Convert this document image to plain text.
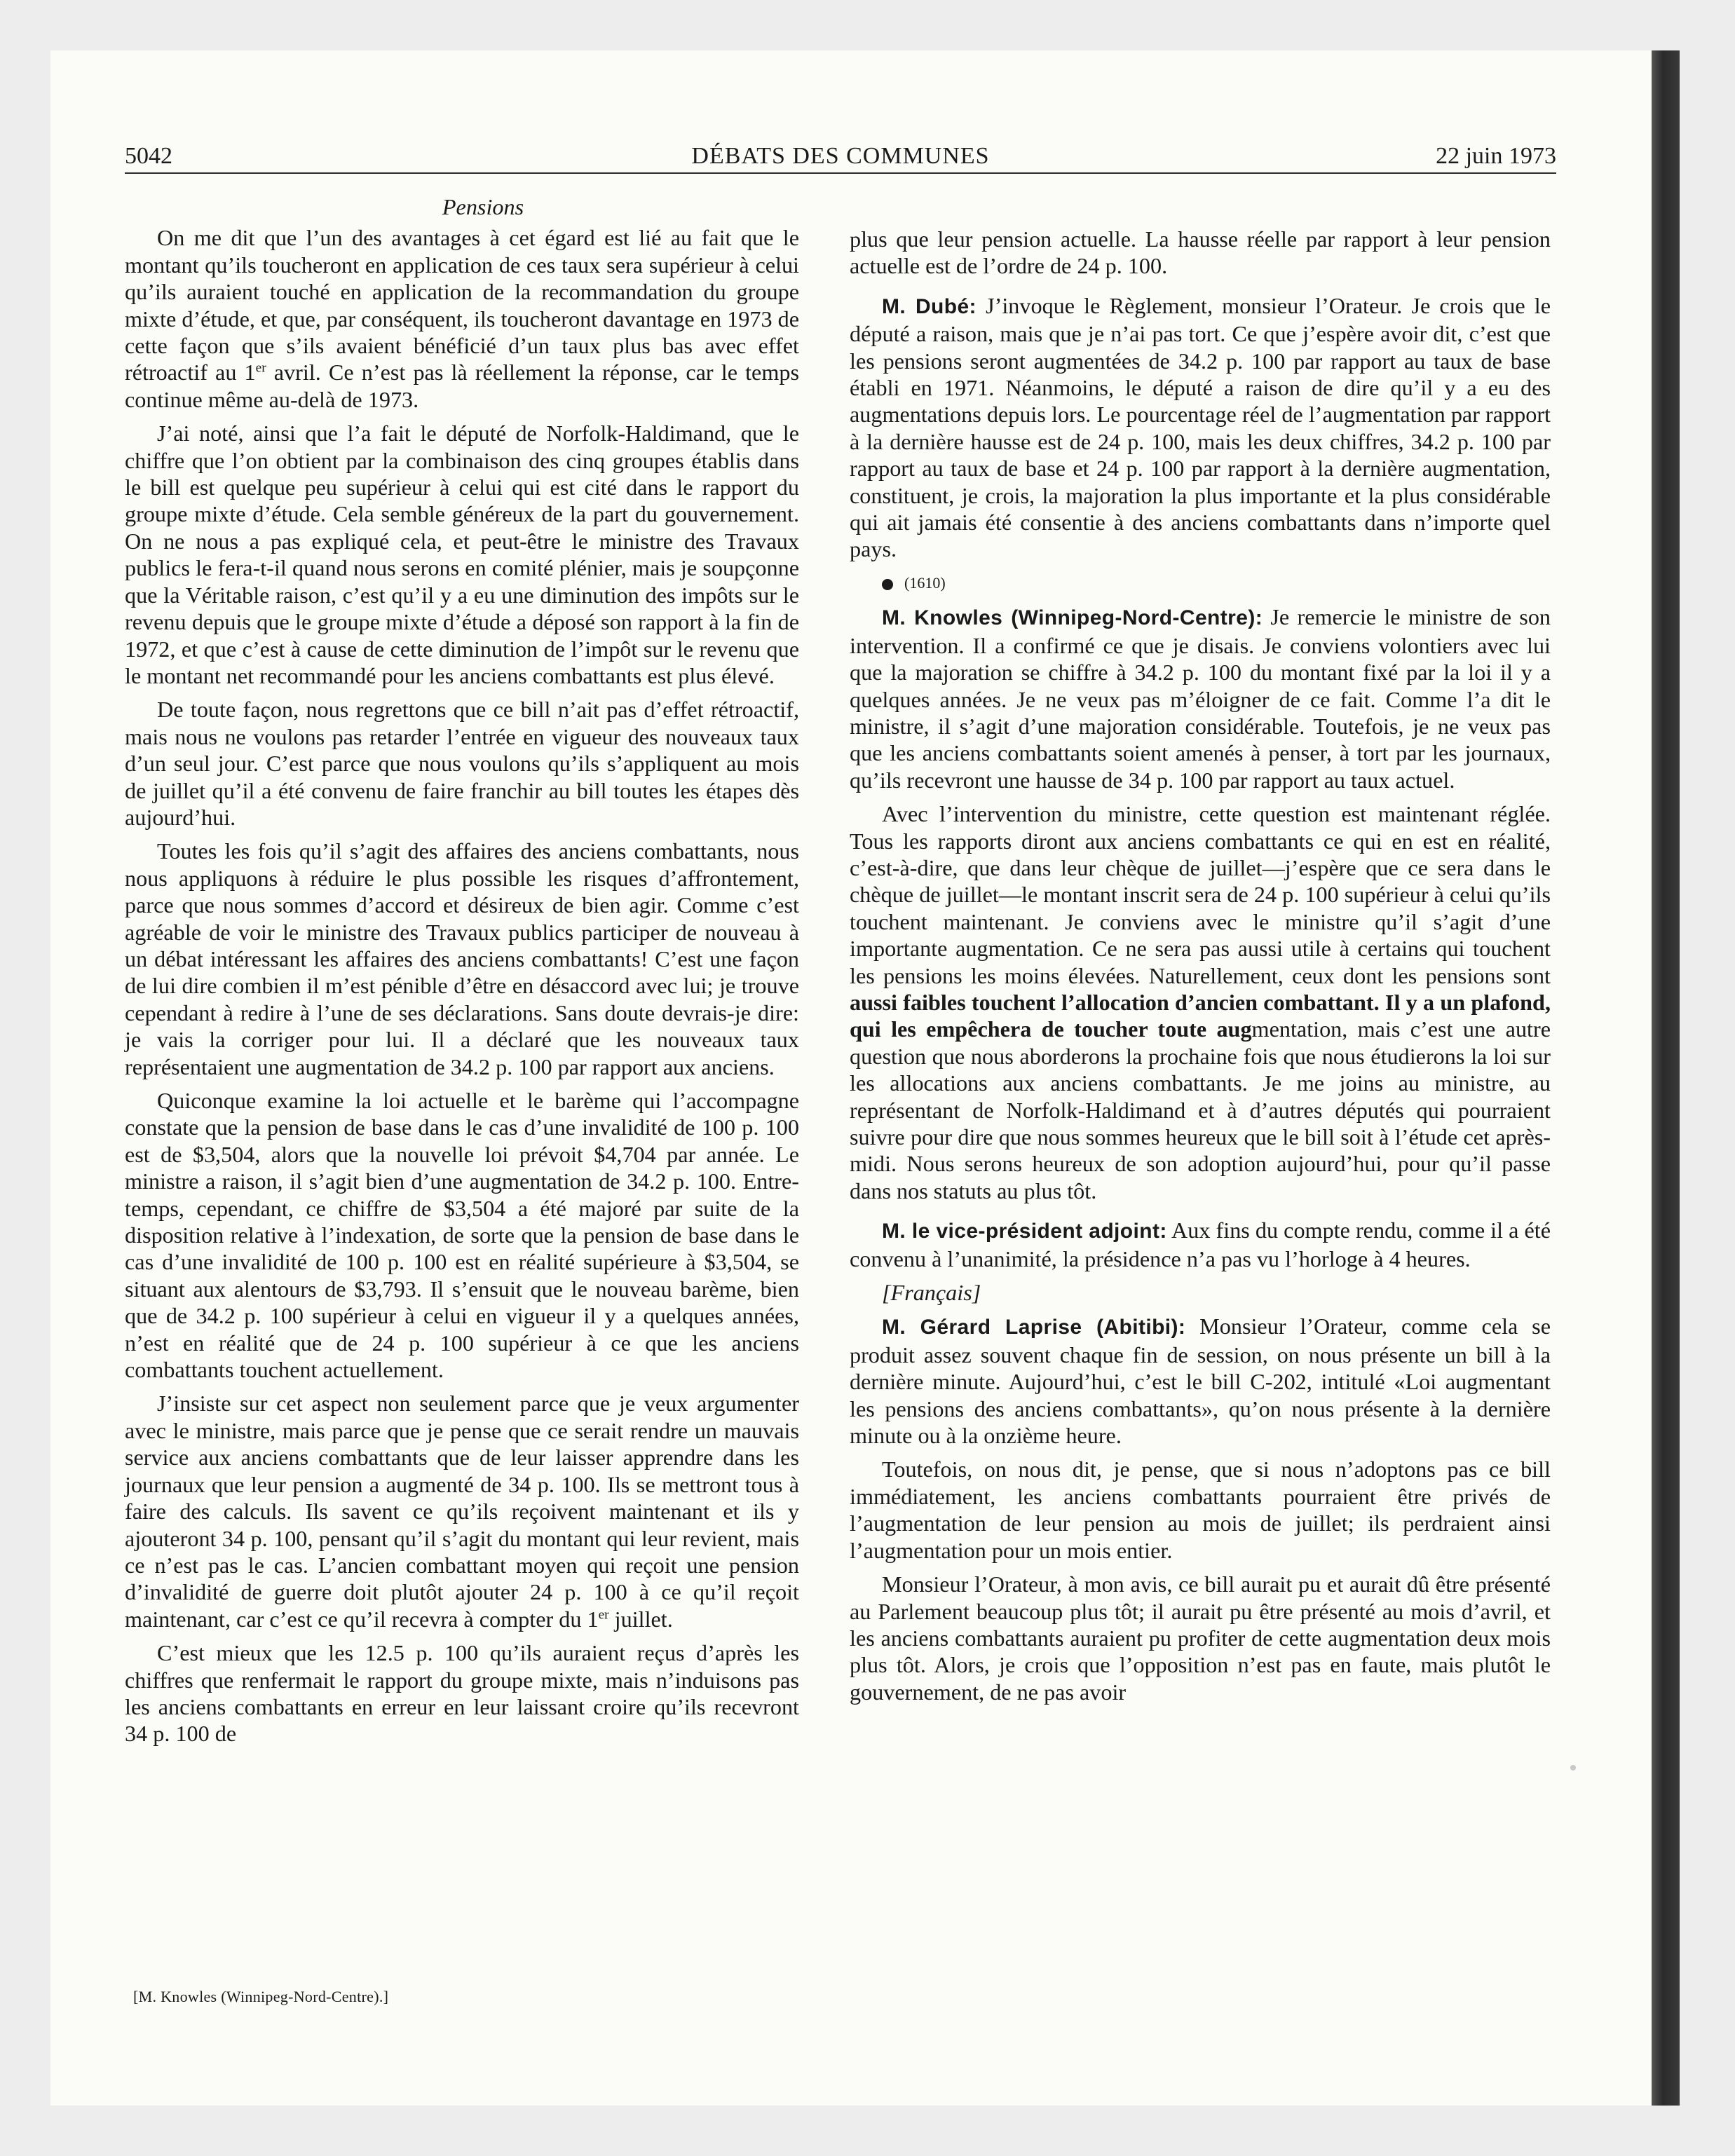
5042	DÉBATS DES COMMUNES	22 juin 1973
Pensions

On me dit que l’un des avantages à cet égard est lié au fait que le montant qu’ils toucheront en application de ces taux sera supérieur à celui qu’ils auraient touché en application de la recommandation du groupe mixte d’étude, et que, par conséquent, ils toucheront davantage en 1973 de cette façon que s’ils avaient bénéficié d’un taux plus bas avec effet rétroactif au 1er avril. Ce n’est pas là réellement la réponse, car le temps continue même au-delà de 1973.

J’ai noté, ainsi que l’a fait le député de Norfolk-Haldimand, que le chiffre que l’on obtient par la combinaison des cinq groupes établis dans le bill est quelque peu supérieur à celui qui est cité dans le rapport du groupe mixte d’étude. Cela semble généreux de la part du gouvernement. On ne nous a pas expliqué cela, et peut-être le ministre des Travaux publics le fera-t-il quand nous serons en comité plénier, mais je soupçonne que la Véritable raison, c’est qu’il y a eu une diminution des impôts sur le revenu depuis que le groupe mixte d’étude a déposé son rapport à la fin de 1972, et que c’est à cause de cette diminution de l’impôt sur le revenu que le montant net recommandé pour les anciens combattants est plus élevé.

De toute façon, nous regrettons que ce bill n’ait pas d’effet rétroactif, mais nous ne voulons pas retarder l’entrée en vigueur des nouveaux taux d’un seul jour. C’est parce que nous voulons qu’ils s’appliquent au mois de juillet qu’il a été convenu de faire franchir au bill toutes les étapes dès aujourd’hui.

Toutes les fois qu’il s’agit des affaires des anciens combattants, nous nous appliquons à réduire le plus possible les risques d’affrontement, parce que nous sommes d’accord et désireux de bien agir. Comme c’est agréable de voir le ministre des Travaux publics participer de nouveau à un débat intéressant les affaires des anciens combattants! C’est une façon de lui dire combien il m’est pénible d’être en désaccord avec lui; je trouve cependant à redire à l’une de ses déclarations. Sans doute devrais-je dire: je vais la corriger pour lui. Il a déclaré que les nouveaux taux représentaient une augmentation de 34.2 p. 100 par rapport aux anciens.

Quiconque examine la loi actuelle et le barème qui l’accompagne constate que la pension de base dans le cas d’une invalidité de 100 p. 100 est de $3,504, alors que la nouvelle loi prévoit $4,704 par année. Le ministre a raison, il s’agit bien d’une augmentation de 34.2 p. 100. Entretemps, cependant, ce chiffre de $3,504 a été majoré par suite de la disposition relative à l’indexation, de sorte que la pension de base dans le cas d’une invalidité de 100 p. 100 est en réalité supérieure à $3,504, se situant aux alentours de $3,793. Il s’ensuit que le nouveau barème, bien que de 34.2 p. 100 supérieur à celui en vigueur il y a quelques années, n’est en réalité que de 24 p. 100 supérieur à ce que les anciens combattants touchent actuellement.

J’insiste sur cet aspect non seulement parce que je veux argumenter avec le ministre, mais parce que je pense que ce serait rendre un mauvais service aux anciens combattants que de leur laisser apprendre dans les journaux que leur pension a augmenté de 34 p. 100. Ils se mettront tous à faire des calculs. Ils savent ce qu’ils reçoivent maintenant et ils y ajouteront 34 p. 100, pensant qu’il s’agit du montant qui leur revient, mais ce n’est pas le cas. L’ancien combattant moyen qui reçoit une pension d’invalidité de guerre doit plutôt ajouter 24 p. 100 à ce qu’il reçoit maintenant, car c’est ce qu’il recevra à compter du 1er juillet.

C’est mieux que les 12.5 p. 100 qu’ils auraient reçus d’après les chiffres que renfermait le rapport du groupe mixte, mais n’induisons pas les anciens combattants en erreur en leur laissant croire qu’ils recevront 34 p. 100 de

[M. Knowles (Winnipeg-Nord-Centre).]

plus que leur pension actuelle. La hausse réelle par rapport à leur pension actuelle est de l’ordre de 24 p. 100.

M. Dubé: J’invoque le Règlement, monsieur l’Orateur. Je crois que le député a raison, mais que je n’ai pas tort. Ce que j’espère avoir dit, c’est que les pensions seront augmentées de 34.2 p. 100 par rapport au taux de base établi en 1971. Néanmoins, le député a raison de dire qu’il y a eu des augmentations depuis lors. Le pourcentage réel de l’augmentation par rapport à la dernière hausse est de 24 p. 100, mais les deux chiffres, 34.2 p. 100 par rapport au taux de base et 24 p. 100 par rapport à la dernière augmentation, constituent, je crois, la majoration la plus importante et la plus considérable qui ait jamais été consentie à des anciens combattants dans n’importe quel pays.

(1610)

M. Knowles (Winnipeg-Nord-Centre): Je remercie le ministre de son intervention. Il a confirmé ce que je disais. Je conviens volontiers avec lui que la majoration se chiffre à 34.2 p. 100 du montant fixé par la loi il y a quelques années. Je ne veux pas m’éloigner de ce fait. Comme l’a dit le ministre, il s’agit d’une majoration considérable. Toutefois, je ne veux pas que les anciens combattants soient amenés à penser, à tort par les journaux, qu’ils recevront une hausse de 34 p. 100 par rapport au taux actuel.

Avec l’intervention du ministre, cette question est maintenant réglée. Tous les rapports diront aux anciens combattants ce qui en est en réalité, c’est-à-dire, que dans leur chèque de juillet—j’espère que ce sera dans le chèque de juillet—le montant inscrit sera de 24 p. 100 supérieur à celui qu’ils touchent maintenant. Je conviens avec le ministre qu’il s’agit d’une importante augmentation. Ce ne sera pas aussi utile à certains qui touchent les pensions les moins élevées. Naturellement, ceux dont les pensions sont aussi faibles touchent l’allocation d’ancien combattant. Il y a un plafond, qui les empêchera de toucher toute augmentation, mais c’est une autre question que nous aborderons la prochaine fois que nous étudierons la loi sur les allocations aux anciens combattants. Je me joins au ministre, au représentant de Norfolk-Haldimand et à d’autres députés qui pourraient suivre pour dire que nous sommes heureux que le bill soit à l’étude cet après-midi. Nous serons heureux de son adoption aujourd’hui, pour qu’il passe dans nos statuts au plus tôt.

M. le vice-président adjoint: Aux fins du compte rendu, comme il a été convenu à l’unanimité, la présidence n’a pas vu l’horloge à 4 heures.

[Français]

M. Gérard Laprise (Abitibi): Monsieur l’Orateur, comme cela se produit assez souvent chaque fin de session, on nous présente un bill à la dernière minute. Aujourd’hui, c’est le bill C-202, intitulé «Loi augmentant les pensions des anciens combattants», qu’on nous présente à la dernière minute ou à la onzième heure.

Toutefois, on nous dit, je pense, que si nous n’adoptons pas ce bill immédiatement, les anciens combattants pourraient être privés de l’augmentation de leur pension au mois de juillet; ils perdraient ainsi l’augmentation pour un mois entier.

Monsieur l’Orateur, à mon avis, ce bill aurait pu et aurait dû être présenté au Parlement beaucoup plus tôt; il aurait pu être présenté au mois d’avril, et les anciens combattants auraient pu profiter de cette augmentation deux mois plus tôt. Alors, je crois que l’opposition n’est pas en faute, mais plutôt le gouvernement, de ne pas avoir
